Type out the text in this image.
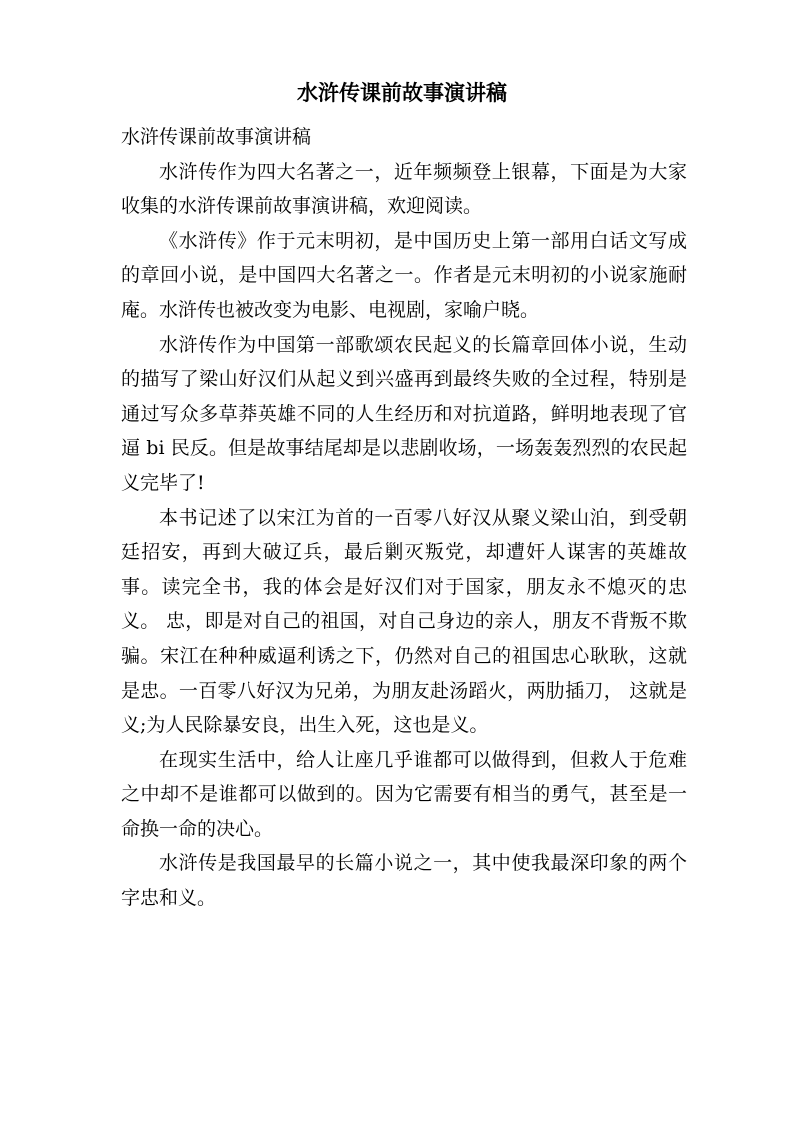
水浒传课前故事演讲稿

水浒传课前故事演讲稿

水浒传作为四大名著之一，近年频频登上银幕，下面是为大家收集的水浒传课前故事演讲稿，欢迎阅读。

《水浒传》作于元末明初，是中国历史上第一部用白话文写成的章回小说，是中国四大名著之一。作者是元末明初的小说家施耐庵。水浒传也被改变为电影、电视剧，家喻户晓。

水浒传作为中国第一部歌颂农民起义的长篇章回体小说，生动的描写了梁山好汉们从起义到兴盛再到最终失败的全过程，特别是通过写众多草莽英雄不同的人生经历和对抗道路，鲜明地表现了官逼 bi 民反。但是故事结尾却是以悲剧收场，一场轰轰烈烈的农民起义完毕了!

本书记述了以宋江为首的一百零八好汉从聚义梁山泊，到受朝廷招安，再到大破辽兵，最后剿灭叛党，却遭奸人谋害的英雄故事。读完全书，我的体会是好汉们对于国家，朋友永不熄灭的忠义。 忠，即是对自己的祖国，对自己身边的亲人，朋友不背叛不欺骗。宋江在种种威逼利诱之下，仍然对自己的祖国忠心耿耿，这就是忠。一百零八好汉为兄弟，为朋友赴汤蹈火，两肋插刀， 这就是义;为人民除暴安良，出生入死，这也是义。

在现实生活中，给人让座几乎谁都可以做得到，但救人于危难之中却不是谁都可以做到的。因为它需要有相当的勇气，甚至是一命换一命的决心。

水浒传是我国最早的长篇小说之一，其中使我最深印象的两个字忠和义。
